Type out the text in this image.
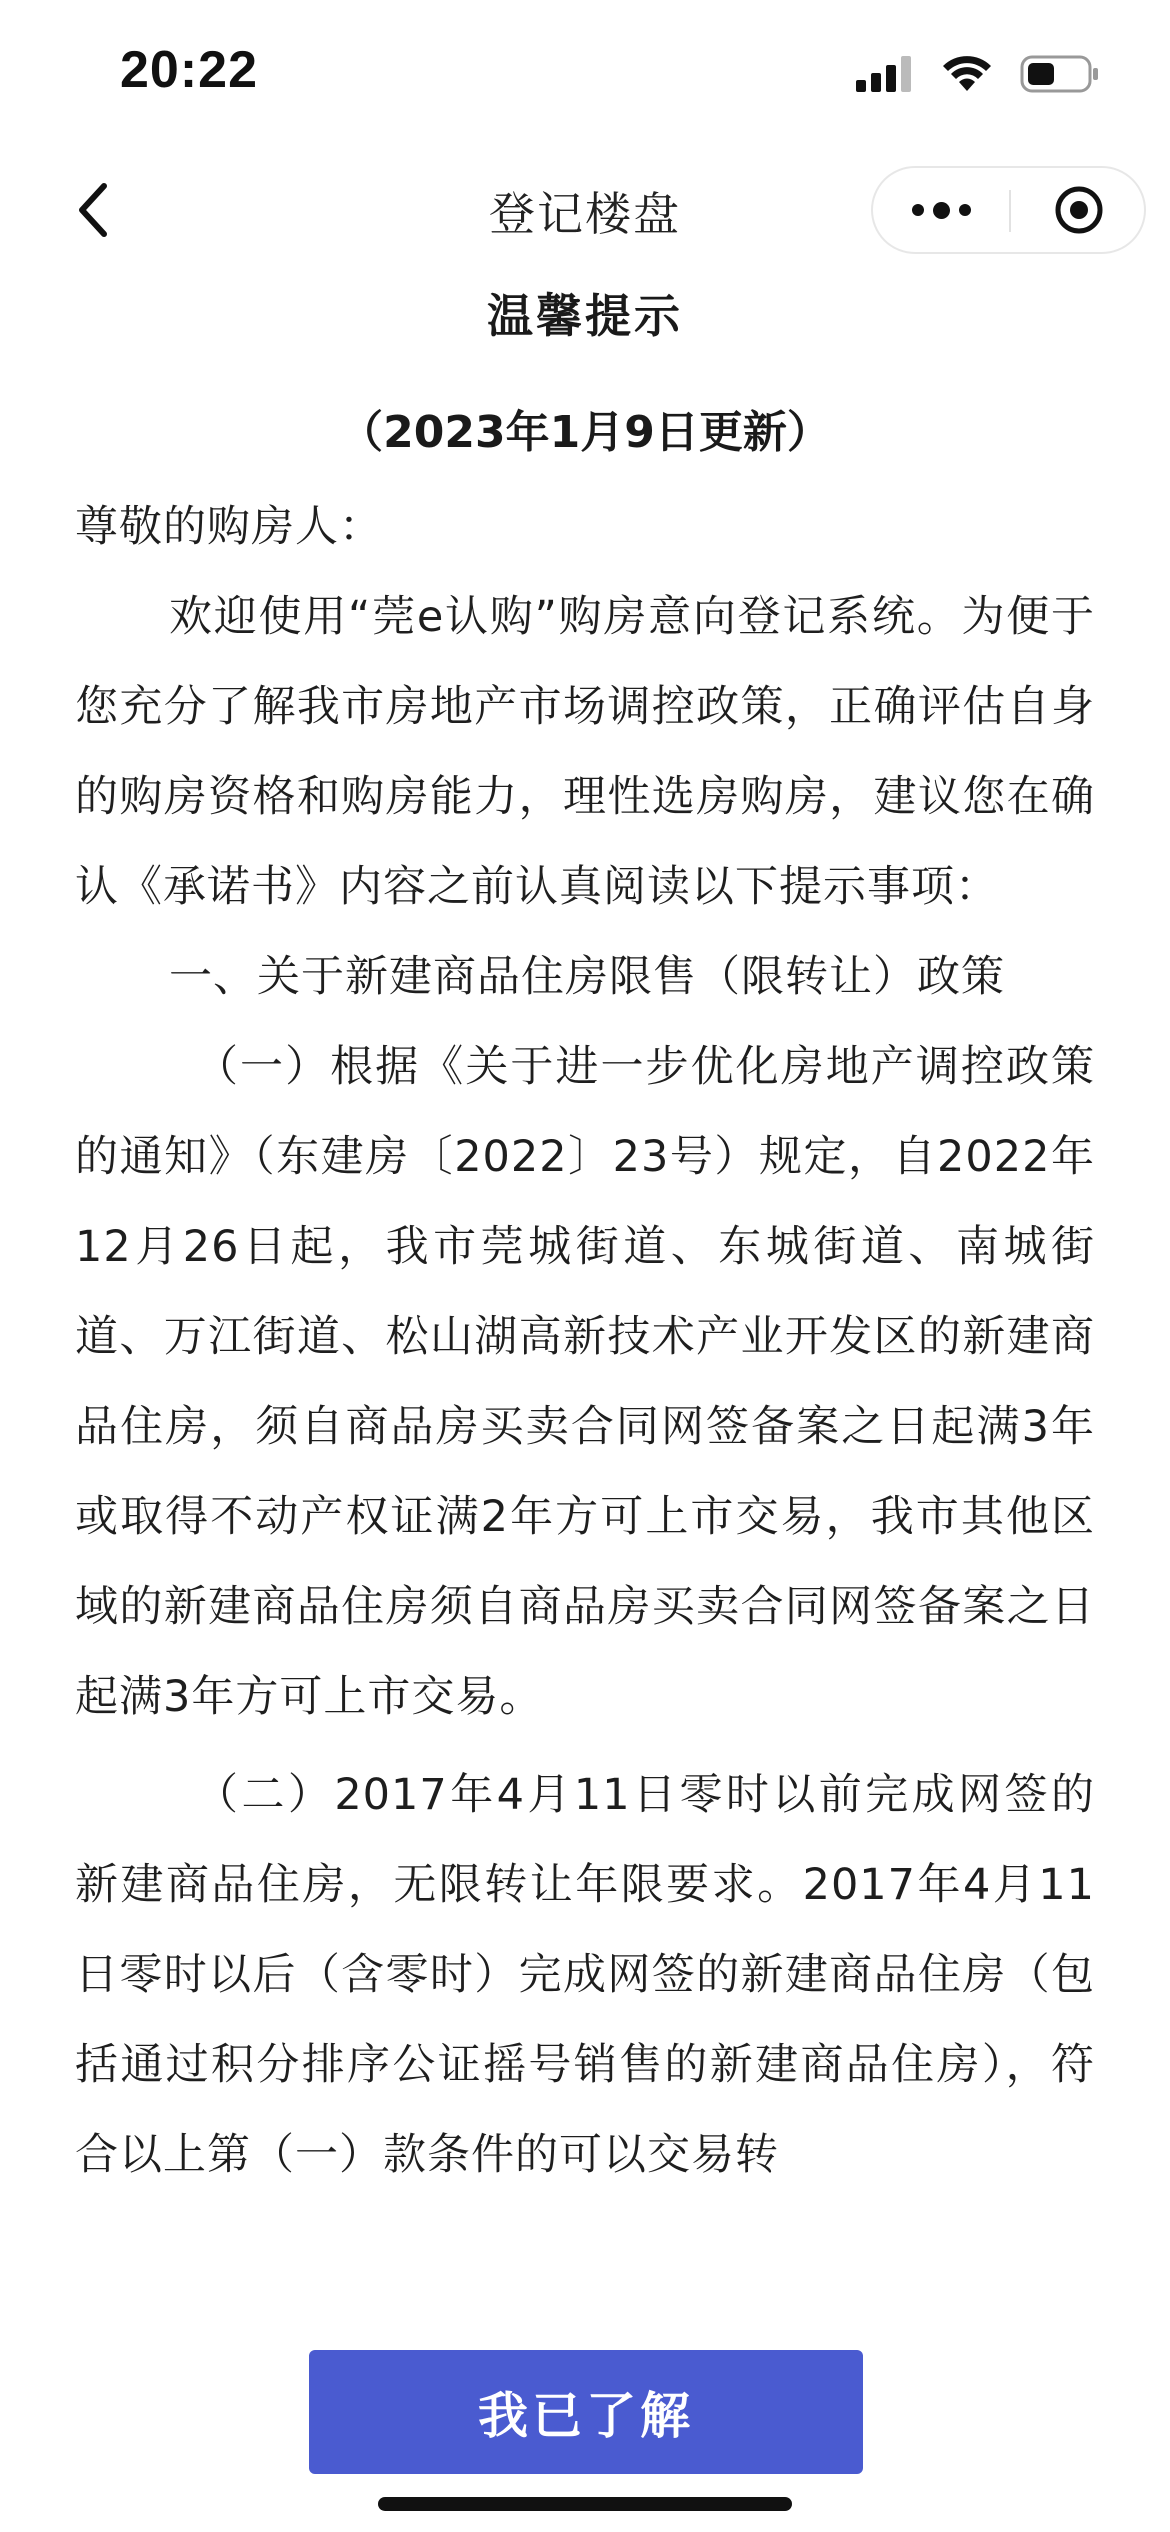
20:22
登记楼盘
温馨提示
（2023年1月9日更新）

尊敬的购房人：

欢迎使用“莞e认购”购房意向登记系统。为便于您充分了解我市房地产市场调控政策，正确评估自身的购房资格和购房能力，理性选房购房，建议您在确认《承诺书》内容之前认真阅读以下提示事项：

一、关于新建商品住房限售（限转让）政策

（一）根据《关于进一步优化房地产调控政策的通知》（东建房〔2022〕23号）规定，自2022年12月26日起，我市莞城街道、东城街道、南城街道、万江街道、松山湖高新技术产业开发区的新建商品住房，须自商品房买卖合同网签备案之日起满3年或取得不动产权证满2年方可上市交易，我市其他区域的新建商品住房须自商品房买卖合同网签备案之日起满3年方可上市交易。

（二）2017年4月11日零时以前完成网签的新建商品住房，无限转让年限要求。2017年4月11日零时以后（含零时）完成网签的新建商品住房（包括通过积分排序公证摇号销售的新建商品住房），符合以上第（一）款条件的可以交易转

我已了解
